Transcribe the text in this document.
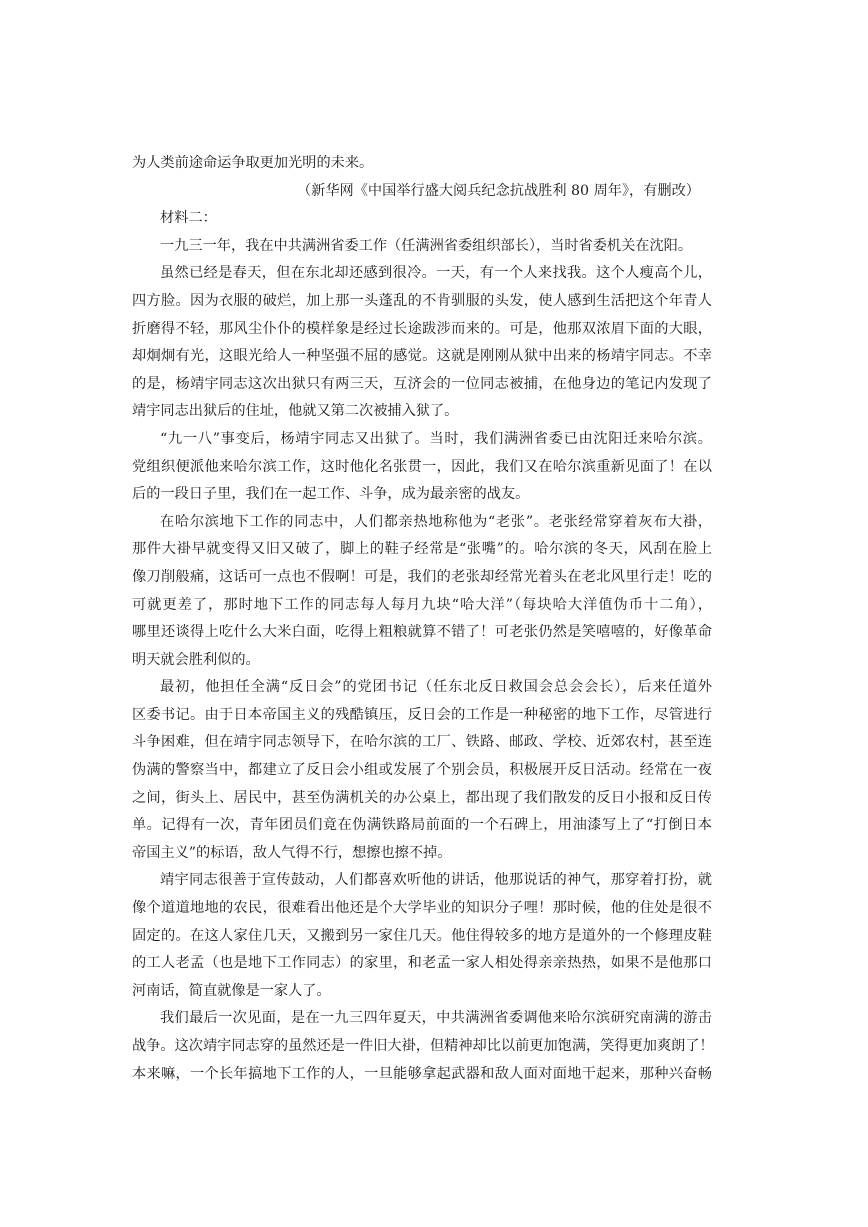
为人类前途命运争取更加光明的未来。

（新华网《中国举行盛大阅兵纪念抗战胜利 80 周年》，有删改）

材料二：

一九三一年，我在中共满洲省委工作（任满洲省委组织部长），当时省委机关在沈阳。

虽然已经是春天，但在东北却还感到很冷。一天，有一个人来找我。这个人瘦高个儿，

四方脸。因为衣服的破烂，加上那一头蓬乱的不肯驯服的头发，使人感到生活把这个年青人

折磨得不轻，那风尘仆仆的模样象是经过长途跋涉而来的。可是，他那双浓眉下面的大眼，

却炯炯有光，这眼光给人一种坚强不屈的感觉。这就是刚刚从狱中出来的杨靖宇同志。不幸

的是，杨靖宇同志这次出狱只有两三天，互济会的一位同志被捕，在他身边的笔记内发现了

靖宇同志出狱后的住址，他就又第二次被捕入狱了。

“九一八”事变后，杨靖宇同志又出狱了。当时，我们满洲省委已由沈阳迁来哈尔滨。

党组织便派他来哈尔滨工作，这时他化名张贯一，因此，我们又在哈尔滨重新见面了！在以

后的一段日子里，我们在一起工作、斗争，成为最亲密的战友。

在哈尔滨地下工作的同志中，人们都亲热地称他为“老张”。老张经常穿着灰布大褂，

那件大褂早就变得又旧又破了，脚上的鞋子经常是“张嘴”的。哈尔滨的冬天，风刮在脸上

像刀削般痛，这话可一点也不假啊！可是，我们的老张却经常光着头在老北风里行走！吃的

可就更差了，那时地下工作的同志每人每月九块“哈大洋”（每块哈大洋值伪币十二角），

哪里还谈得上吃什么大米白面，吃得上粗粮就算不错了！可老张仍然是笑嘻嘻的，好像革命

明天就会胜利似的。

最初，他担任全满“反日会”的党团书记（任东北反日救国会总会会长），后来任道外

区委书记。由于日本帝国主义的残酷镇压，反日会的工作是一种秘密的地下工作，尽管进行

斗争困难，但在靖宇同志领导下，在哈尔滨的工厂、铁路、邮政、学校、近郊农村，甚至连

伪满的警察当中，都建立了反日会小组或发展了个别会员，积极展开反日活动。经常在一夜

之间，街头上、居民中，甚至伪满机关的办公桌上，都出现了我们散发的反日小报和反日传

单。记得有一次，青年团员们竟在伪满铁路局前面的一个石碑上，用油漆写上了“打倒日本

帝国主义”的标语，敌人气得不行，想擦也擦不掉。

靖宇同志很善于宣传鼓动，人们都喜欢听他的讲话，他那说话的神气，那穿着打扮，就

像个道道地地的农民，很难看出他还是个大学毕业的知识分子哩！那时候，他的住处是很不

固定的。在这人家住几天，又搬到另一家住几天。他住得较多的地方是道外的一个修理皮鞋

的工人老孟（也是地下工作同志）的家里，和老孟一家人相处得亲亲热热，如果不是他那口

河南话，简直就像是一家人了。

我们最后一次见面，是在一九三四年夏天，中共满洲省委调他来哈尔滨研究南满的游击

战争。这次靖宇同志穿的虽然还是一件旧大褂，但精神却比以前更加饱满，笑得更加爽朗了！

本来嘛，一个长年搞地下工作的人，一旦能够拿起武器和敌人面对面地干起来，那种兴奋畅
